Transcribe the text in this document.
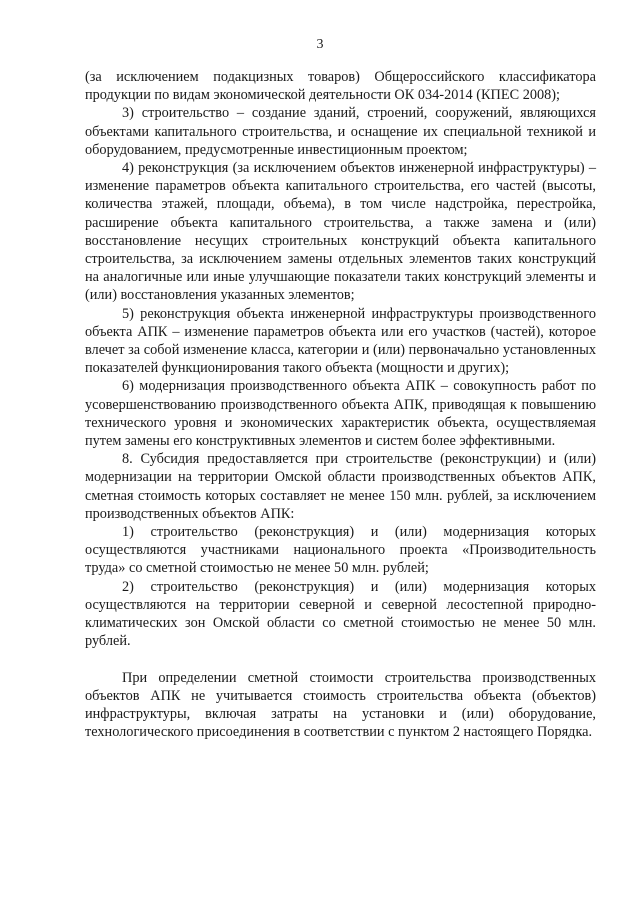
3

(за исключением подакцизных товаров) Общероссийского классификатора продукции по видам экономической деятельности ОК 034-2014 (КПЕС 2008);

3) строительство – создание зданий, строений, сооружений, являющихся объектами капитального строительства, и оснащение их специальной техникой и оборудованием, предусмотренные инвестиционным проектом;

4) реконструкция (за исключением объектов инженерной инфраструктуры) – изменение параметров объекта капитального строительства, его частей (высоты, количества этажей, площади, объема), в том числе надстройка, перестройка, расширение объекта капитального строительства, а также замена и (или) восстановление несущих строительных конструкций объекта капитального строительства, за исключением замены отдельных элементов таких конструкций на аналогичные или иные улучшающие показатели таких конструкций элементы и (или) восстановления указанных элементов;

5) реконструкция объекта инженерной инфраструктуры производственного объекта АПК – изменение параметров объекта или его участков (частей), которое влечет за собой изменение класса, категории и (или) первоначально установленных показателей функционирования такого объекта (мощности и других);

6) модернизация производственного объекта АПК – совокупность работ по усовершенствованию производственного объекта АПК, приводящая к повышению технического уровня и экономических характеристик объекта, осуществляемая путем замены его конструктивных элементов и систем более эффективными.

8. Субсидия предоставляется при строительстве (реконструкции) и (или) модернизации на территории Омской области производственных объектов АПК, сметная стоимость которых составляет не менее 150 млн. рублей, за исключением производственных объектов АПК:

1) строительство (реконструкция) и (или) модернизация которых осуществляются участниками национального проекта «Производительность труда» со сметной стоимостью не менее 50 млн. рублей;

2) строительство (реконструкция) и (или) модернизация которых осуществляются на территории северной и северной лесостепной природно-климатических зон Омской области со сметной стоимостью не менее 50 млн. рублей.

При определении сметной стоимости строительства производственных объектов АПК не учитывается стоимость строительства объекта (объектов) инфраструктуры, включая затраты на установки и (или) оборудование, технологического присоединения в соответствии с пунктом 2 настоящего Порядка.
